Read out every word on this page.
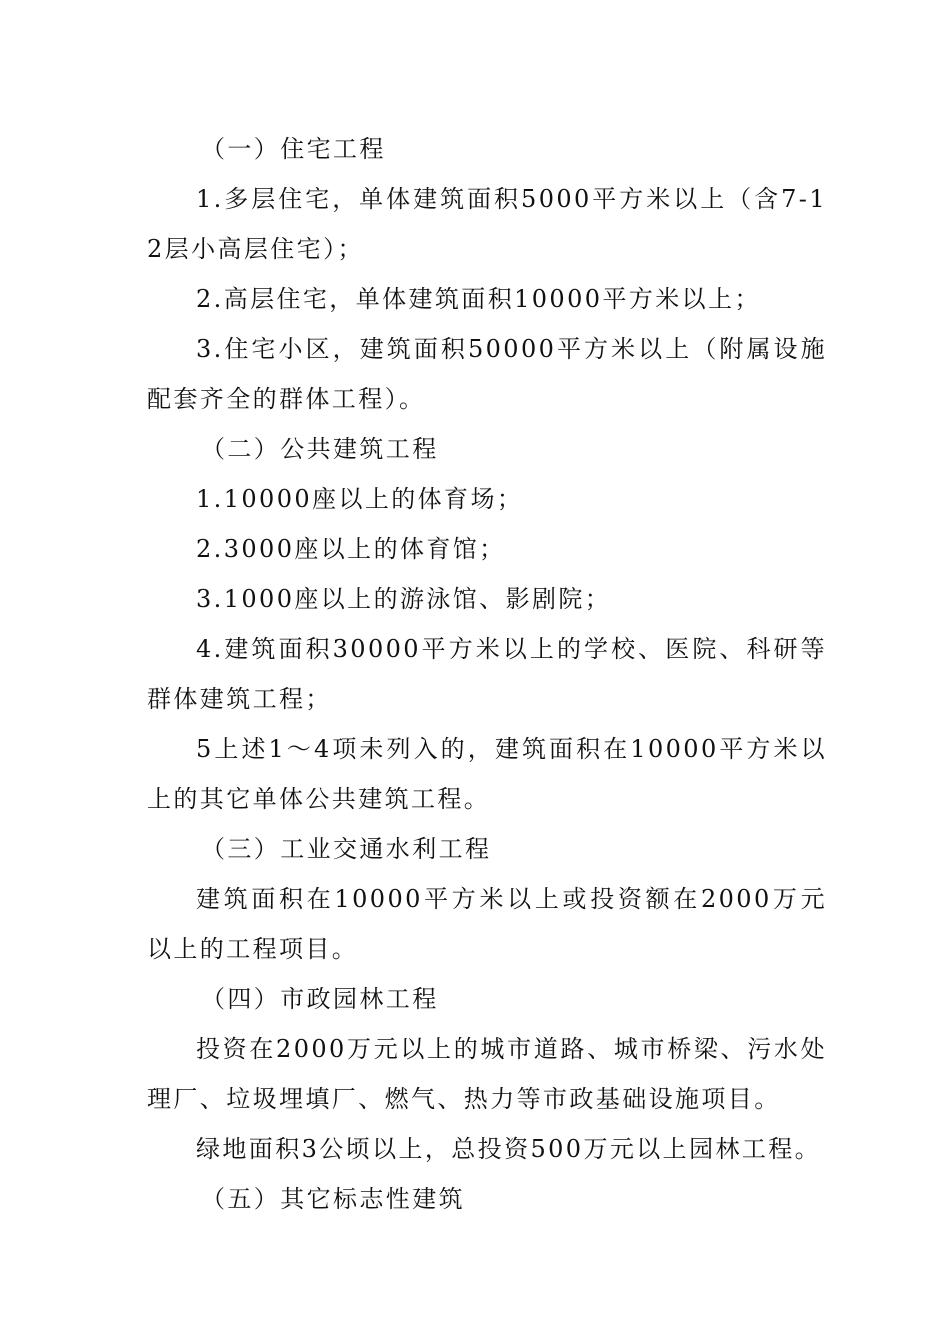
（一）住宅工程

1.多层住宅，单体建筑面积5000平方米以上（含7-12层小高层住宅）；

2.高层住宅，单体建筑面积10000平方米以上；

3.住宅小区，建筑面积50000平方米以上（附属设施配套齐全的群体工程）。

（二）公共建筑工程

1.10000座以上的体育场；

2.3000座以上的体育馆；

3.1000座以上的游泳馆、影剧院；

4.建筑面积30000平方米以上的学校、医院、科研等群体建筑工程；

5上述1～4项未列入的，建筑面积在10000平方米以上的其它单体公共建筑工程。

（三）工业交通水利工程

建筑面积在10000平方米以上或投资额在2000万元以上的工程项目。

（四）市政园林工程

投资在2000万元以上的城市道路、城市桥梁、污水处理厂、垃圾埋填厂、燃气、热力等市政基础设施项目。

绿地面积3公顷以上，总投资500万元以上园林工程。

（五）其它标志性建筑
